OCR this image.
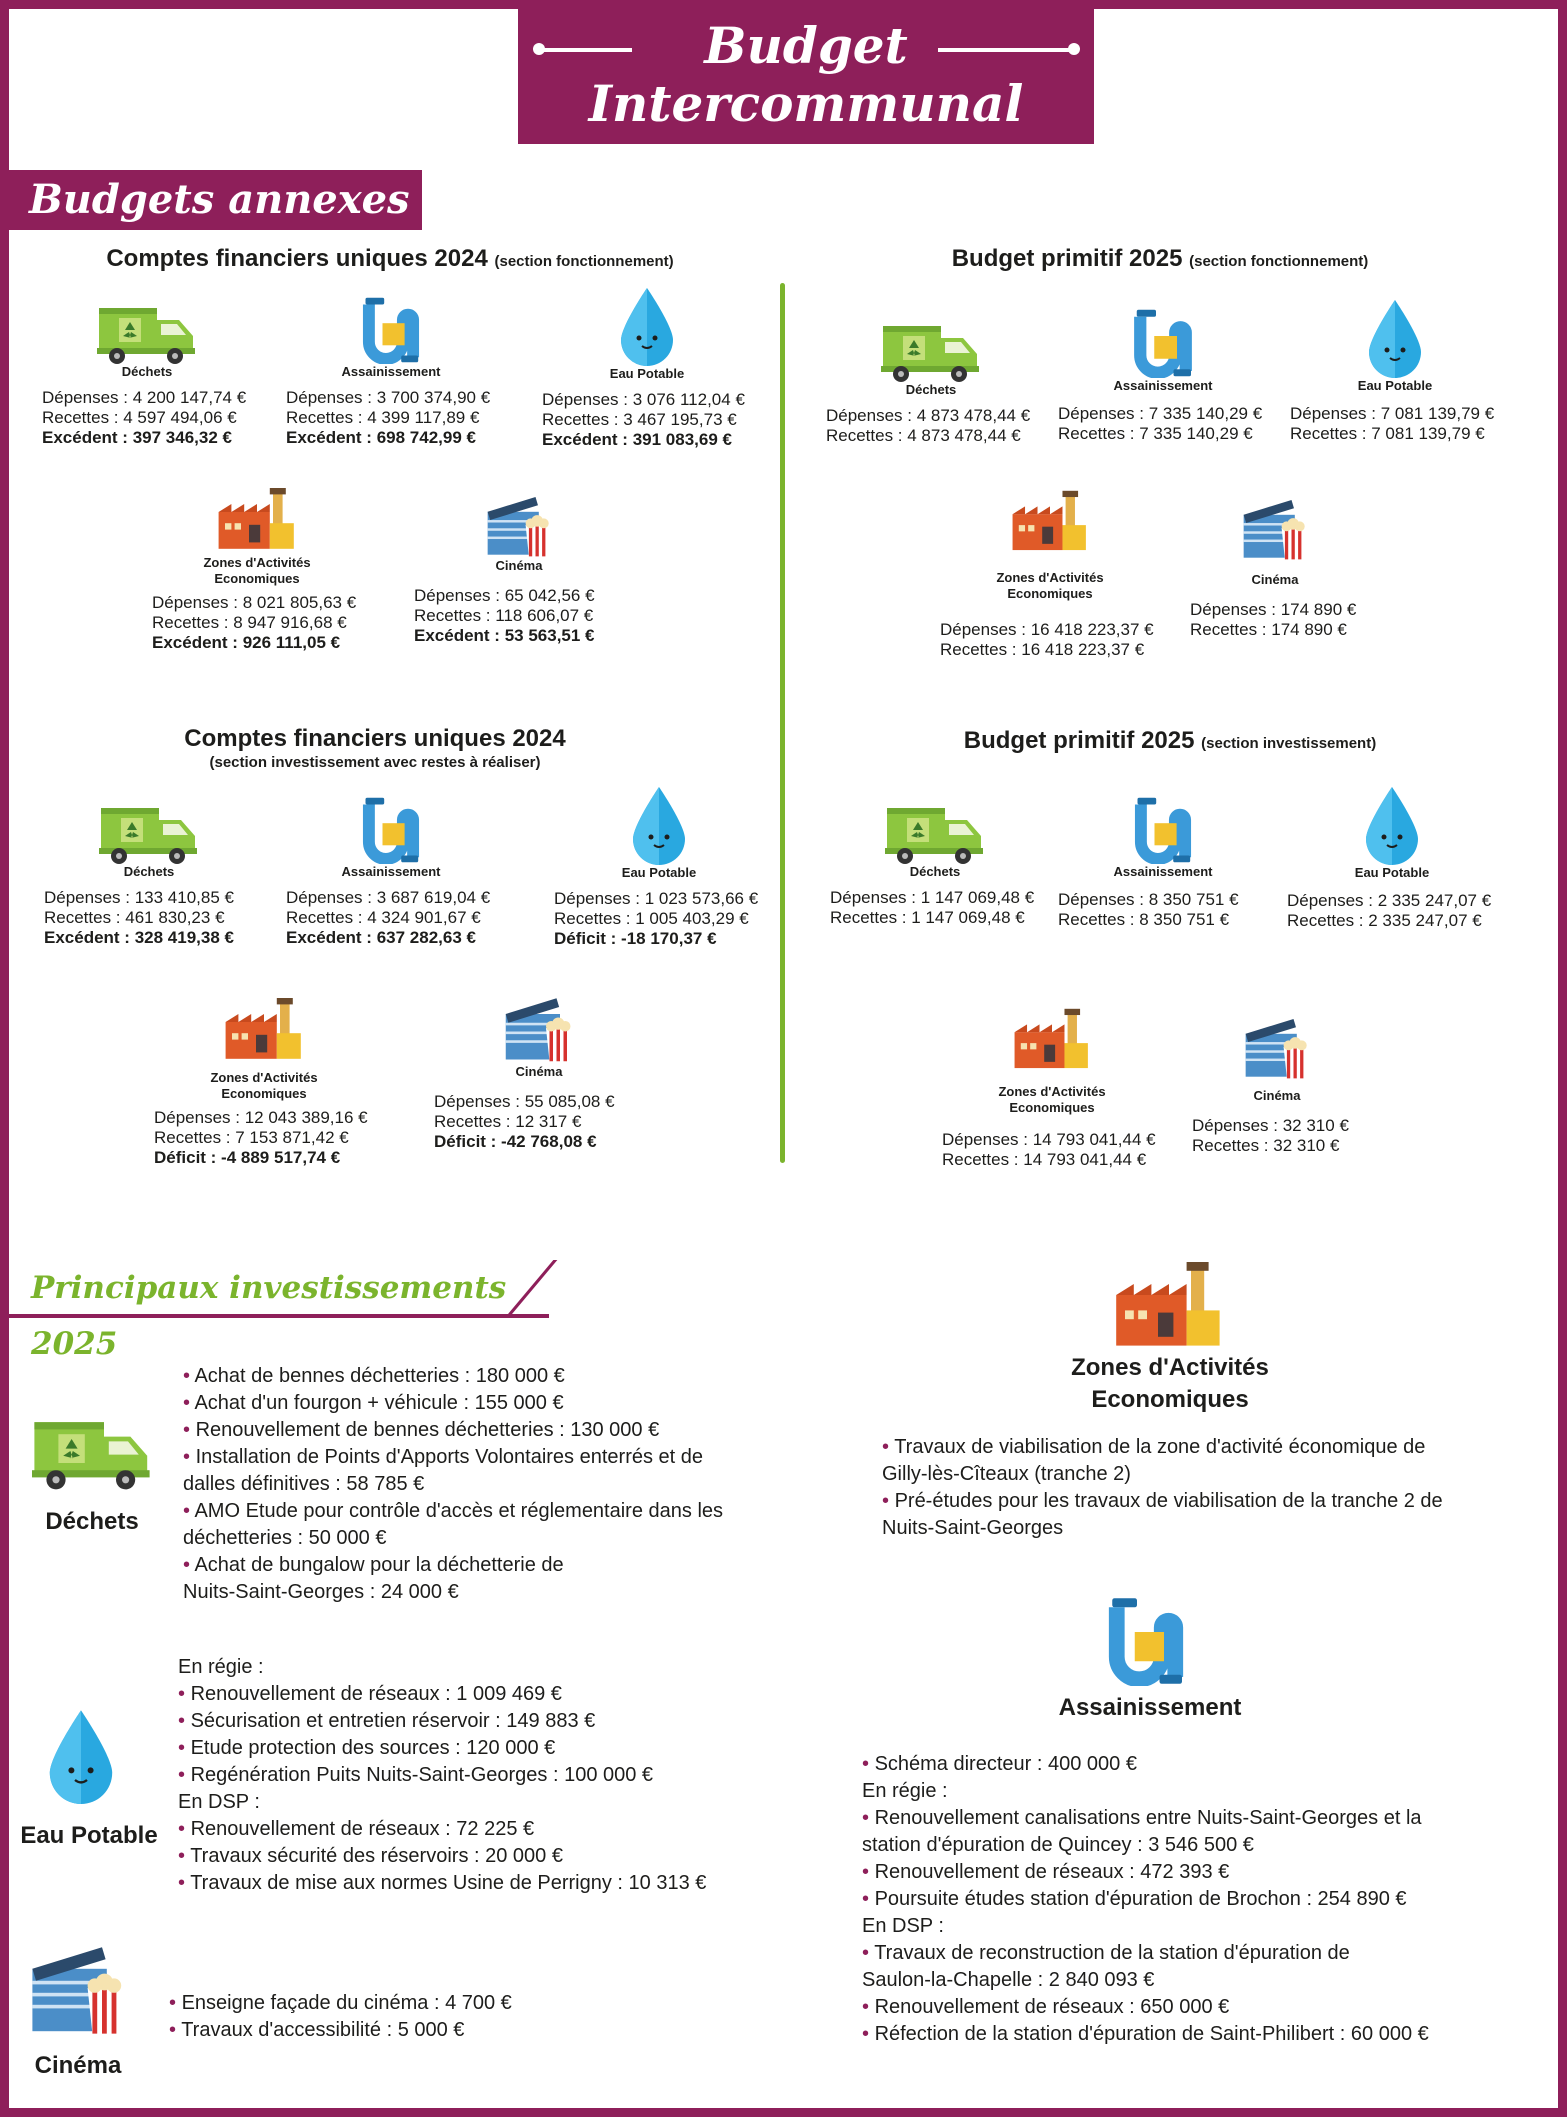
Budget
Intercommunal
Budgets annexes
Comptes financiers uniques 2024 (section fonctionnement)
Déchets
Dépenses : 4 200 147,74 €
Recettes : 4 597 494,06 €
Excédent : 397 346,32 €
Assainissement
Dépenses : 3 700 374,90 €
Recettes : 4 399 117,89 €
Excédent : 698 742,99 €
Eau Potable
Dépenses : 3 076 112,04 €
Recettes : 3 467 195,73 €
Excédent : 391 083,69 €
Zones d'Activités
Economiques
Dépenses : 8 021 805,63 €
Recettes : 8 947 916,68 €
Excédent : 926 111,05 €
Cinéma
Dépenses : 65 042,56 €
Recettes : 118 606,07 €
Excédent : 53 563,51 €
Comptes financiers uniques 2024
(section investissement avec restes à réaliser)
Déchets
Dépenses : 133 410,85 €
Recettes : 461 830,23 €
Excédent : 328 419,38 €
Assainissement
Dépenses : 3 687 619,04 €
Recettes : 4 324 901,67 €
Excédent : 637 282,63 €
Eau Potable
Dépenses : 1 023 573,66 €
Recettes : 1 005 403,29 €
Déficit : -18 170,37 €
Zones d'Activités
Economiques
Dépenses : 12 043 389,16 €
Recettes : 7 153 871,42 €
Déficit : -4 889 517,74 €
Cinéma
Dépenses : 55 085,08 €
Recettes : 12 317 €
Déficit : -42 768,08 €
Budget primitif 2025 (section fonctionnement)
Déchets
Dépenses : 4 873 478,44 €
Recettes : 4 873 478,44 €
Assainissement
Dépenses : 7 335 140,29 €
Recettes : 7 335 140,29 €
Eau Potable
Dépenses : 7 081 139,79 €
Recettes : 7 081 139,79 €
Zones d'Activités
Economiques
Dépenses : 16 418 223,37 €
Recettes : 16 418 223,37 €
Cinéma
Dépenses : 174 890 €
Recettes : 174 890 €
Budget primitif 2025 (section investissement)
Déchets
Dépenses : 1 147 069,48 €
Recettes : 1 147 069,48 €
Assainissement
Dépenses : 8 350 751 €
Recettes : 8 350 751 €
Eau Potable
Dépenses : 2 335 247,07 €
Recettes : 2 335 247,07 €
Zones d'Activités
Economiques
Dépenses : 14 793 041,44 €
Recettes : 14 793 041,44 €
Cinéma
Dépenses : 32 310 €
Recettes : 32 310 €
Principaux investissements 2025
Déchets
• Achat de bennes déchetteries : 180 000 €
• Achat d'un fourgon + véhicule : 155 000 €
• Renouvellement de bennes déchetteries : 130 000 €
• Installation de Points d'Apports Volontaires enterrés et de
dalles définitives : 58 785 €
• AMO Etude pour contrôle d'accès et réglementaire dans les
déchetteries : 50 000 €
• Achat de bungalow pour la déchetterie de
Nuits-Saint-Georges : 24 000 €
Eau Potable
En régie :
• Renouvellement de réseaux : 1 009 469 €
• Sécurisation et entretien réservoir : 149 883 €
• Etude protection des sources : 120 000 €
• Regénération Puits Nuits-Saint-Georges : 100 000 €
En DSP :
• Renouvellement de réseaux : 72 225 €
• Travaux sécurité des réservoirs : 20 000 €
• Travaux de mise aux normes Usine de Perrigny : 10 313 €
Cinéma
• Enseigne façade du cinéma : 4 700 €
• Travaux d'accessibilité : 5 000 €
Zones d'Activités
Economiques
• Travaux de viabilisation de la zone d'activité économique de
Gilly-lès-Cîteaux (tranche 2)
• Pré-études pour les travaux de viabilisation de la tranche 2 de
Nuits-Saint-Georges
Assainissement
• Schéma directeur : 400 000 €
En régie :
• Renouvellement canalisations entre Nuits-Saint-Georges et la
station d'épuration de Quincey : 3 546 500 €
• Renouvellement de réseaux : 472 393 €
• Poursuite études station d'épuration de Brochon : 254 890 €
En DSP :
• Travaux de reconstruction de la station d'épuration de
Saulon-la-Chapelle : 2 840 093 €
• Renouvellement de réseaux : 650 000 €
• Réfection de la station d'épuration de Saint-Philibert : 60 000 €
